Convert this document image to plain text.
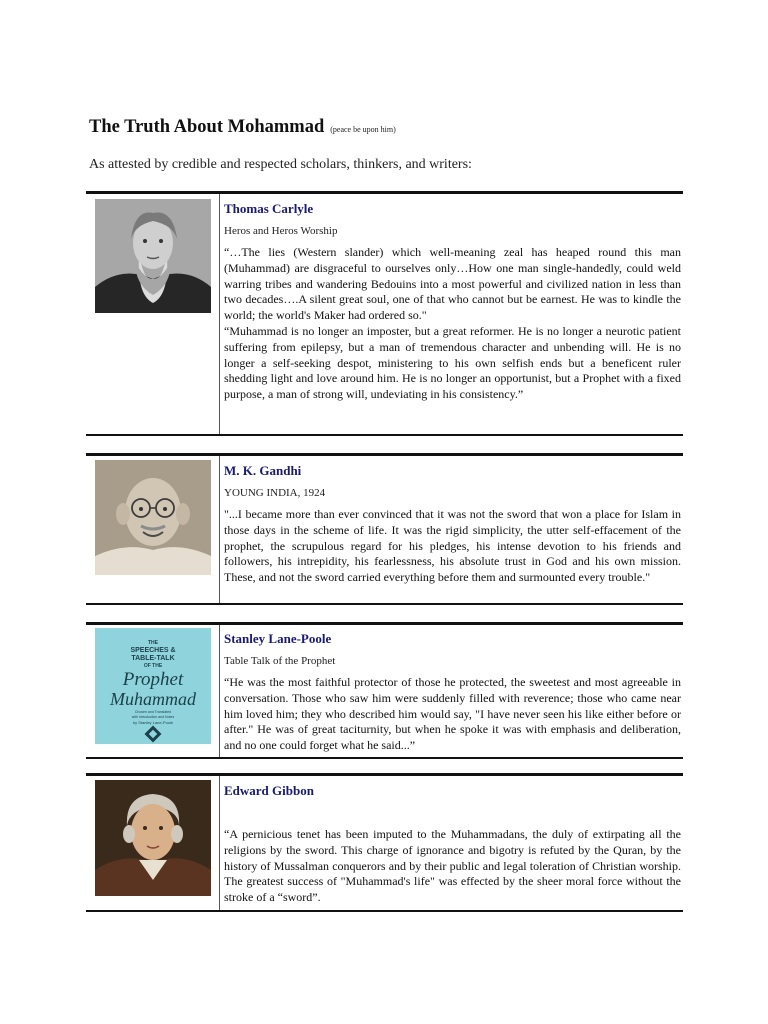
The Truth About Mohammad (peace be upon him)
As attested by credible and respected scholars, thinkers, and writers:
Thomas Carlyle
Heros and Heros Worship

“…The lies (Western slander) which well-meaning zeal has heaped round this man (Muhammad) are disgraceful to ourselves only…How one man single-handedly, could weld warring tribes and wandering Bedouins into a most powerful and civilized nation in less than two decades….A silent great soul, one of that who cannot but be earnest. He was to kindle the world; the world's Maker had ordered so."

“Muhammad is no longer an imposter, but a great reformer. He is no longer a neurotic patient suffering from epilepsy, but a man of tremendous character and unbending will. He is no longer a self-seeking despot, ministering to his own selfish ends but a beneficent ruler shedding light and love around him. He is no longer an opportunist, but a Prophet with a fixed purpose, a man of strong will, undeviating in his consistency.”

M. K. Gandhi
YOUNG INDIA, 1924

"...I became more than ever convinced that it was not the sword that won a place for Islam in those days in the scheme of life. It was the rigid simplicity, the utter self-effacement of the prophet, the scrupulous regard for his pledges, his intense devotion to his friends and followers, his intrepidity, his fearlessness, his absolute trust in God and his own mission. These, and not the sword carried everything before them and surmounted every trouble."

THE
SPEECHES &
TABLE-TALK
OF THE
Prophet
Muhammad
Chosen and Translated
with Introduction and Notes
by Stanley Lane-Poole
Stanley Lane-Poole
Table Talk of the Prophet

“He was the most faithful protector of those he protected, the sweetest and most agreeable in conversation. Those who saw him were suddenly filled with reverence; those who came near him loved him; they who described him would say, "I have never seen his like either before or after." He was of great taciturnity, but when he spoke it was with emphasis and deliberation, and no one could forget what he said...”

Edward Gibbon

“A pernicious tenet has been imputed to the Muhammadans, the duly of extirpating all the religions by the sword. This charge of ignorance and bigotry is refuted by the Quran, by the history of Mussalman conquerors and by their public and legal toleration of Christian worship. The greatest success of "Muhammad's life" was effected by the sheer moral force without the stroke of a “sword”.
